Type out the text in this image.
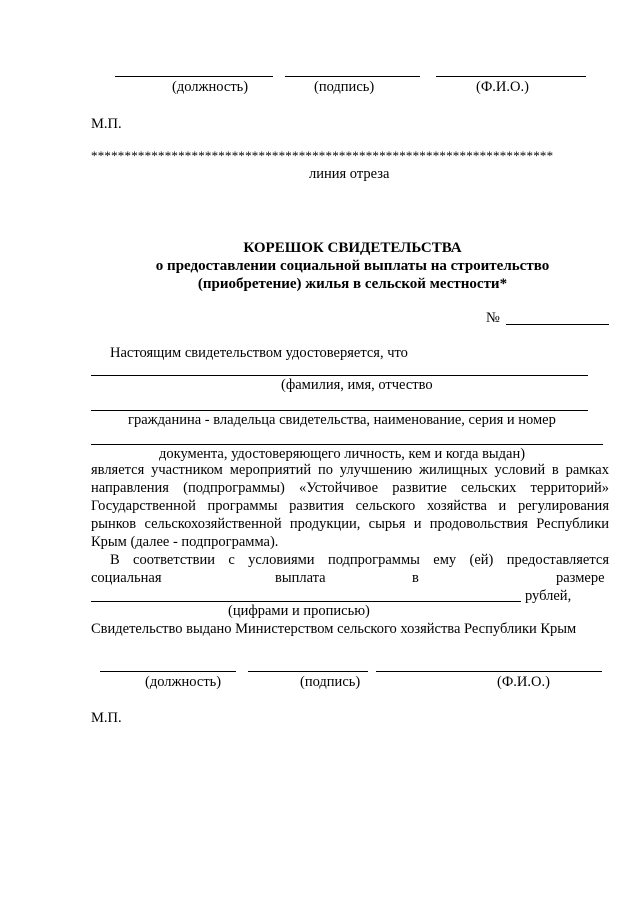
(должность)	(подпись)	(Ф.И.О.)
М.П.
*********************************************************************
линия отреза
КОРЕШОК СВИДЕТЕЛЬСТВА
о предоставлении социальной выплаты на строительство
(приобретение) жилья в сельской местности*
№
Настоящим свидетельством удостоверяется, что
(фамилия, имя, отчество
гражданина - владельца свидетельства, наименование, серия и номер
документа, удостоверяющего личность, кем и когда выдан)
является участником мероприятий по улучшению жилищных условий в рамках
направления (подпрограммы) «Устойчивое развитие сельских территорий»
Государственной программы развития сельского хозяйства и регулирования
рынков сельскохозяйственной продукции, сырья и продовольствия Республики
Крым (далее - подпрограмма).
В соответствии с условиями подпрограммы ему (ей) предоставляется
социальная	выплата	в	размере
рублей,
(цифрами и прописью)
Свидетельство выдано Министерством сельского хозяйства Республики Крым
(должность)	(подпись)	(Ф.И.О.)
М.П.
